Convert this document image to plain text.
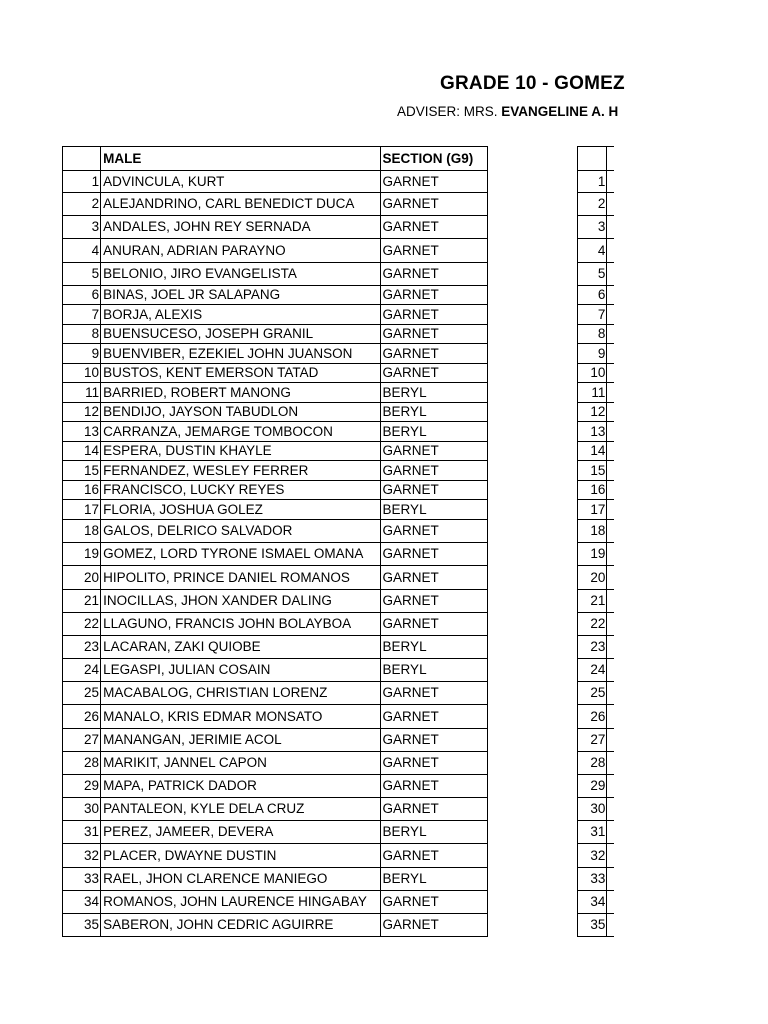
GRADE 10 - GOMEZ
ADVISER: MRS. EVANGELINE A. H
	MALE	SECTION (G9)
1	ADVINCULA, KURT	GARNET
2	ALEJANDRINO, CARL BENEDICT DUCA	GARNET
3	ANDALES, JOHN REY SERNADA	GARNET
4	ANURAN, ADRIAN PARAYNO	GARNET
5	BELONIO, JIRO EVANGELISTA	GARNET
6	BINAS, JOEL JR SALAPANG	GARNET
7	BORJA, ALEXIS	GARNET
8	BUENSUCESO, JOSEPH GRANIL	GARNET
9	BUENVIBER, EZEKIEL JOHN JUANSON	GARNET
10	BUSTOS, KENT EMERSON TATAD	GARNET
11	BARRIED, ROBERT MANONG	BERYL
12	BENDIJO, JAYSON TABUDLON	BERYL
13	CARRANZA, JEMARGE TOMBOCON	BERYL
14	ESPERA, DUSTIN KHAYLE	GARNET
15	FERNANDEZ, WESLEY FERRER	GARNET
16	FRANCISCO, LUCKY REYES	GARNET
17	FLORIA, JOSHUA GOLEZ	BERYL
18	GALOS, DELRICO SALVADOR	GARNET
19	GOMEZ, LORD TYRONE ISMAEL OMANA	GARNET
20	HIPOLITO, PRINCE DANIEL ROMANOS	GARNET
21	INOCILLAS, JHON XANDER DALING	GARNET
22	LLAGUNO, FRANCIS JOHN BOLAYBOA	GARNET
23	LACARAN, ZAKI QUIOBE	BERYL
24	LEGASPI, JULIAN COSAIN	BERYL
25	MACABALOG, CHRISTIAN LORENZ	GARNET
26	MANALO, KRIS EDMAR MONSATO	GARNET
27	MANANGAN, JERIMIE ACOL	GARNET
28	MARIKIT, JANNEL CAPON	GARNET
29	MAPA, PATRICK DADOR	GARNET
30	PANTALEON, KYLE DELA CRUZ	GARNET
31	PEREZ, JAMEER, DEVERA	BERYL
32	PLACER, DWAYNE DUSTIN	GARNET
33	RAEL, JHON CLARENCE MANIEGO	BERYL
34	ROMANOS, JOHN LAURENCE HINGABAY	GARNET
35	SABERON, JOHN CEDRIC AGUIRRE	GARNET

1	
2	
3	
4	
5	
6	
7	
8	
9	
10	
11	
12	
13	
14	
15	
16	
17	
18	
19	
20	
21	
22	
23	
24	
25	
26	
27	
28	
29	
30	
31	
32	
33	
34	
35	
